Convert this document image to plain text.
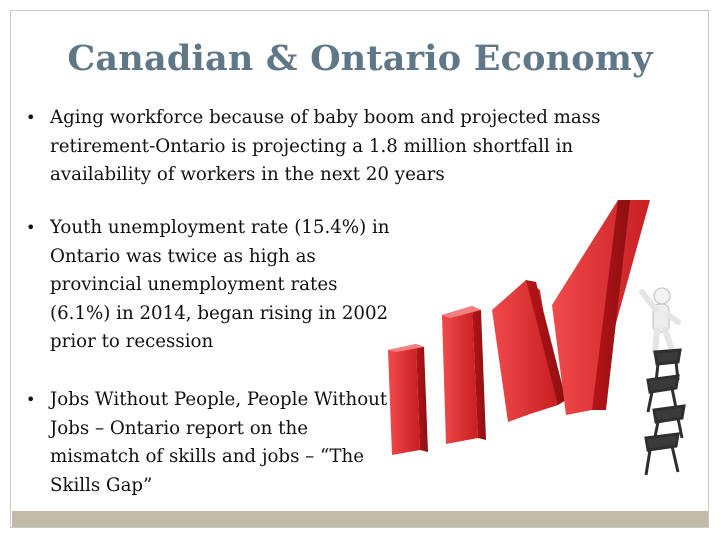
Canadian & Ontario Economy
• Aging workforce because of baby boom and projected mass retirement-Ontario is projecting a 1.8 million shortfall in availability of workers in the next 20 years
• Youth unemployment rate (15.4%) in Ontario was twice as high as provincial unemployment rates (6.1%) in 2014, began rising in 2002 prior to recession
• Jobs Without People, People Without Jobs – Ontario report on the mismatch of skills and jobs – “The Skills Gap”
